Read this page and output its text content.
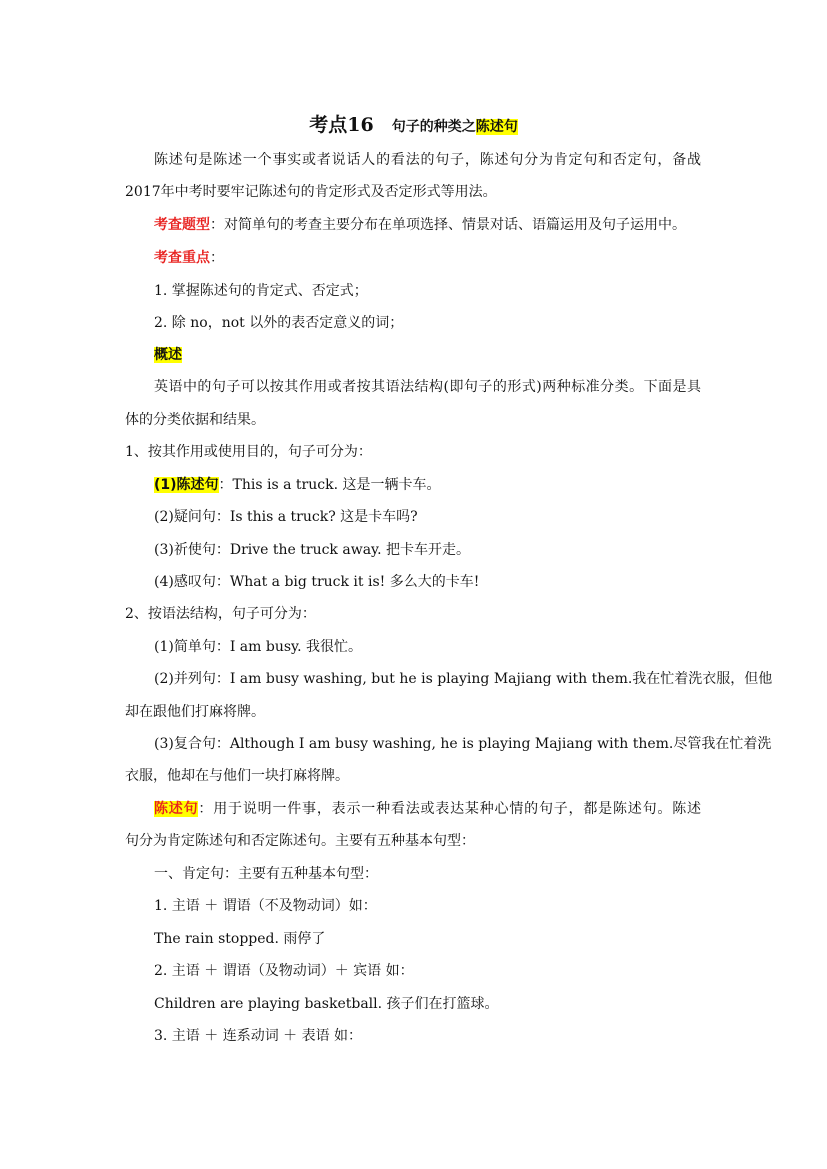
考点16 句子的种类之陈述句
陈述句是陈述一个事实或者说话人的看法的句子，陈述句分为肯定句和否定句，备战
2017年中考时要牢记陈述句的肯定形式及否定形式等用法。
考查题型：对简单句的考查主要分布在单项选择、情景对话、语篇运用及句子运用中。
考查重点：
1. 掌握陈述句的肯定式、否定式；
2. 除 no，not 以外的表否定意义的词；
概述
英语中的句子可以按其作用或者按其语法结构(即句子的形式)两种标准分类。下面是具
体的分类依据和结果。
1、按其作用或使用目的，句子可分为：
(1)陈述句：This is a truck. 这是一辆卡车。
(2)疑问句：Is this a truck? 这是卡车吗?
(3)祈使句：Drive the truck away. 把卡车开走。
(4)感叹句：What a big truck it is! 多么大的卡车!
2、按语法结构，句子可分为：
(1)简单句：I am busy. 我很忙。
(2)并列句：I am busy washing, but he is playing Majiang with them.我在忙着洗衣服，但他
却在跟他们打麻将牌。
(3)复合句：Although I am busy washing, he is playing Majiang with them.尽管我在忙着洗
衣服，他却在与他们一块打麻将牌。
陈述句：用于说明一件事，表示一种看法或表达某种心情的句子，都是陈述句。陈述
句分为肯定陈述句和否定陈述句。主要有五种基本句型：
一、肯定句：主要有五种基本句型：
1. 主语 ＋ 谓语（不及物动词）如：
The rain stopped. 雨停了
2. 主语 ＋ 谓语（及物动词）＋ 宾语 如：
Children are playing basketball. 孩子们在打篮球。
3. 主语 ＋ 连系动词 ＋ 表语 如：
